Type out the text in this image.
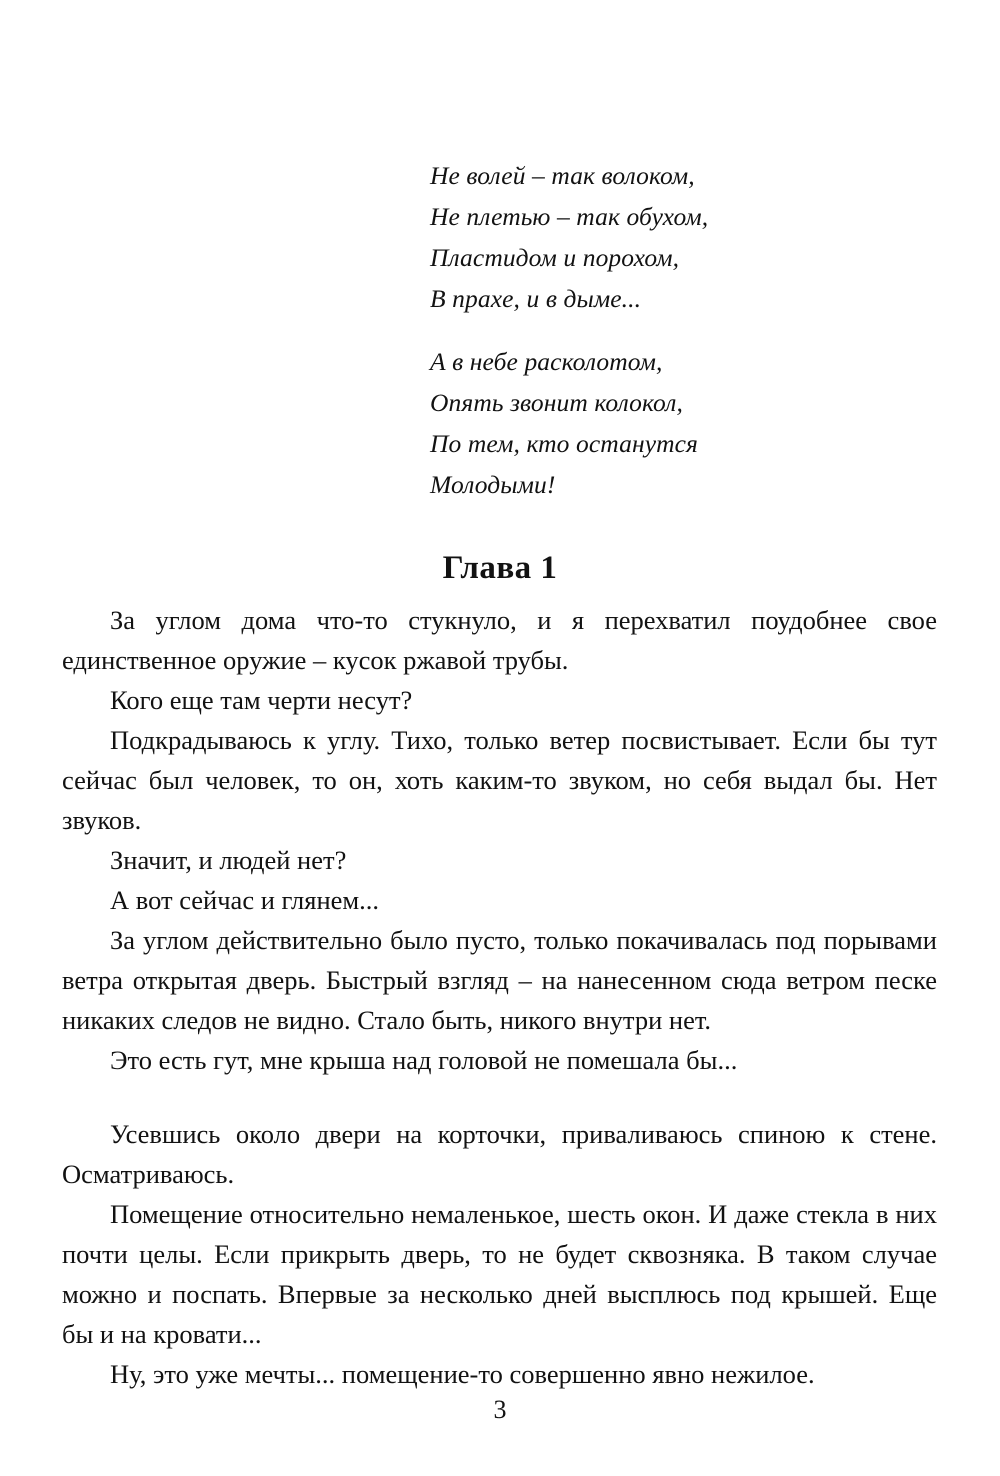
Не волей – так волоком,
Не плетью – так обухом,
Пластидом и порохом,
В прахе, и в дыме...
А в небе расколотом,
Опять звонит колокол,
По тем, кто останутся
Молодыми!
Глава 1

За углом дома что-то стукнуло, и я перехватил поудобнее свое единственное оружие – кусок ржавой трубы.

Кого еще там черти несут?

Подкрадываюсь к углу. Тихо, только ветер посвистывает. Если бы тут сейчас был человек, то он, хоть каким-то звуком, но себя выдал бы. Нет звуков.

Значит, и людей нет?

А вот сейчас и глянем...

За углом действительно было пусто, только покачивалась под порывами ветра открытая дверь. Быстрый взгляд – на нанесенном сюда ветром песке никаких следов не видно. Стало быть, никого внутри нет.

Это есть гут, мне крыша над головой не помешала бы...

Усевшись около двери на корточки, приваливаюсь спиною к стене. Осматриваюсь.

Помещение относительно немаленькое, шесть окон. И даже стекла в них почти целы. Если прикрыть дверь, то не будет сквозняка. В таком случае можно и поспать. Впервые за несколько дней высплюсь под крышей. Еще бы и на кровати...

Ну, это уже мечты... помещение-то совершенно явно нежилое.

3
